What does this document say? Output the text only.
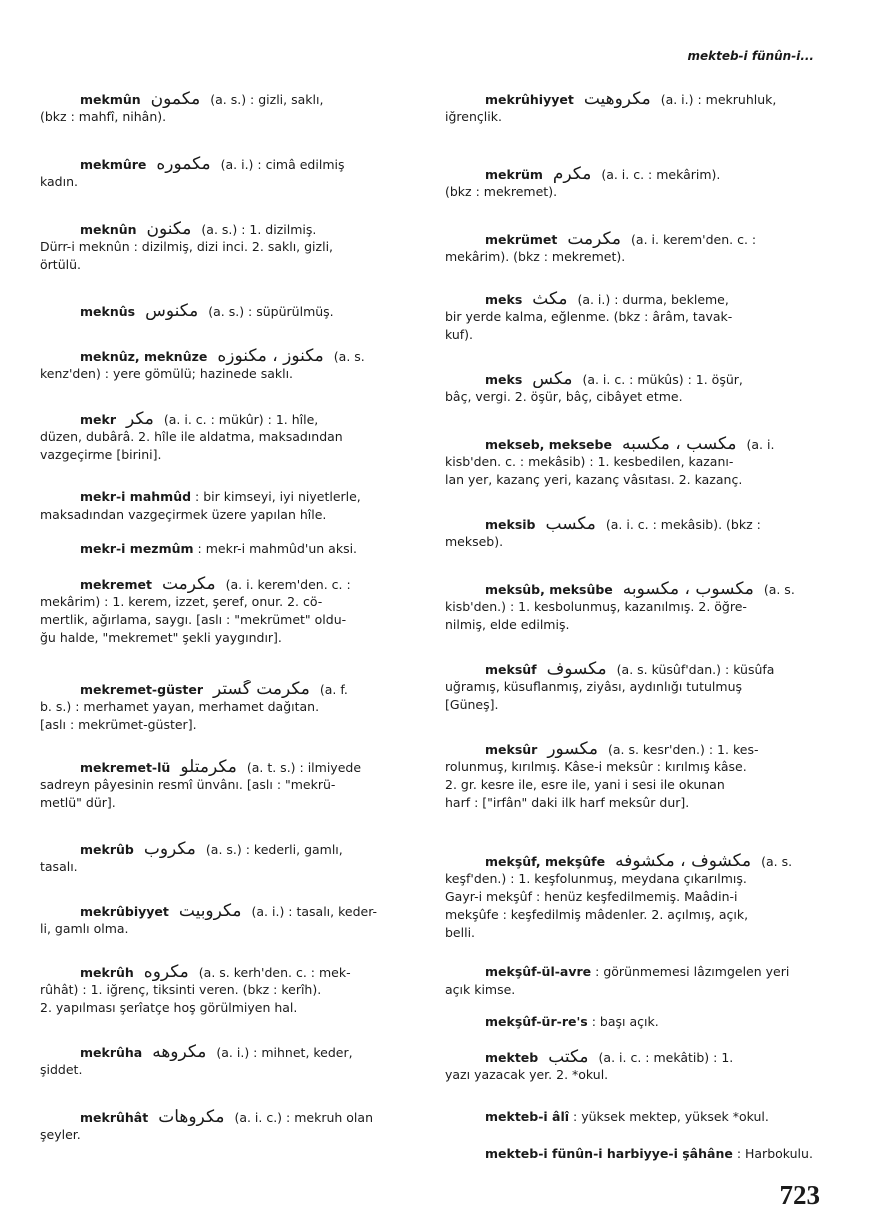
mekteb-i fünûn-i...
mekmûn مکمون (a. s.) : gizli, saklı,
(bkz : mahfî, nihân).
mekmûre مکموره (a. i.) : cimâ edilmiş
kadın.
meknûn مکنون (a. s.) : 1. dizilmiş.
Dürr-i meknûn : dizilmiş, dizi inci. 2. saklı, gizli,
örtülü.
meknûs مکنوس (a. s.) : süpürülmüş.
meknûz, meknûze مکنوز ، مکنوزه (a. s.
kenz'den) : yere gömülü; hazinede saklı.
mekr مکر (a. i. c. : mükûr) : 1. hîle,
düzen, dubârâ. 2. hîle ile aldatma, maksadından
vazgeçirme [birini].
mekr-i mahmûd : bir kimseyi, iyi niyetlerle,
maksadından vazgeçirmek üzere yapılan hîle.
mekr-i mezmûm : mekr-i mahmûd'un aksi.
mekremet مکرمت (a. i. kerem'den. c. :
mekârim) : 1. kerem, izzet, şeref, onur. 2. cö-
mertlik, ağırlama, saygı. [aslı : "mekrümet" oldu-
ğu halde, "mekremet" şekli yaygındır].
mekremet-güster مکرمت گستر (a. f.
b. s.) : merhamet yayan, merhamet dağıtan.
[aslı : mekrümet-güster].
mekremet-lü مکرمتلو (a. t. s.) : ilmiyede
sadreyn pâyesinin resmî ünvânı. [aslı : "mekrü-
metlü" dür].
mekrûb مکروب (a. s.) : kederli, gamlı,
tasalı.
mekrûbiyyet مکروبیت (a. i.) : tasalı, keder-
li, gamlı olma.
mekrûh مکروه (a. s. kerh'den. c. : mek-
rûhât) : 1. iğrenç, tiksinti veren. (bkz : kerîh).
2. yapılması şerîatçe hoş görülmiyen hal.
mekrûha مکروهه (a. i.) : mihnet, keder,
şiddet.
mekrûhât مکروهات (a. i. c.) : mekruh olan
şeyler.
mekrûhiyyet مکروهیت (a. i.) : mekruhluk,
iğrençlik.
mekrüm مکرم (a. i. c. : mekârim).
(bkz : mekremet).
mekrümet مکرمت (a. i. kerem'den. c. :
mekârim). (bkz : mekremet).
meks مکث (a. i.) : durma, bekleme,
bir yerde kalma, eğlenme. (bkz : ârâm, tavak-
kuf).
meks مکس (a. i. c. : mükûs) : 1. öşür,
bâç, vergi. 2. öşür, bâç, cibâyet etme.
mekseb, meksebe مکسب ، مکسبه (a. i.
kisb'den. c. : mekâsib) : 1. kesbedilen, kazanı-
lan yer, kazanç yeri, kazanç vâsıtası. 2. kazanç.
meksib مکسب (a. i. c. : mekâsib). (bkz :
mekseb).
meksûb, meksûbe مکسوب ، مکسوبه (a. s.
kisb'den.) : 1. kesbolunmuş, kazanılmış. 2. öğre-
nilmiş, elde edilmiş.
meksûf مکسوف (a. s. küsûf'dan.) : küsûfa
uğramış, küsuflanmış, ziyâsı, aydınlığı tutulmuş
[Güneş].
meksûr مکسور (a. s. kesr'den.) : 1. kes-
rolunmuş, kırılmış. Kâse-i meksûr : kırılmış kâse.
2. gr. kesre ile, esre ile, yani i sesi ile okunan
harf : ["irfân" daki ilk harf meksûr dur].
mekşûf, mekşûfe مکشوف ، مکشوفه (a. s.
keşf'den.) : 1. keşfolunmuş, meydana çıkarılmış.
Gayr-i mekşûf : henüz keşfedilmemiş. Maâdin-i
mekşûfe : keşfedilmiş mâdenler. 2. açılmış, açık,
belli.
mekşûf-ül-avre : görünmemesi lâzımgelen yeri
açık kimse.
mekşûf-ür-re's : başı açık.
mekteb مکتب (a. i. c. : mekâtib) : 1.
yazı yazacak yer. 2. *okul.
mekteb-i âlî : yüksek mektep, yüksek *okul.
mekteb-i fünûn-i harbiyye-i şâhâne : Harbokulu.
723
